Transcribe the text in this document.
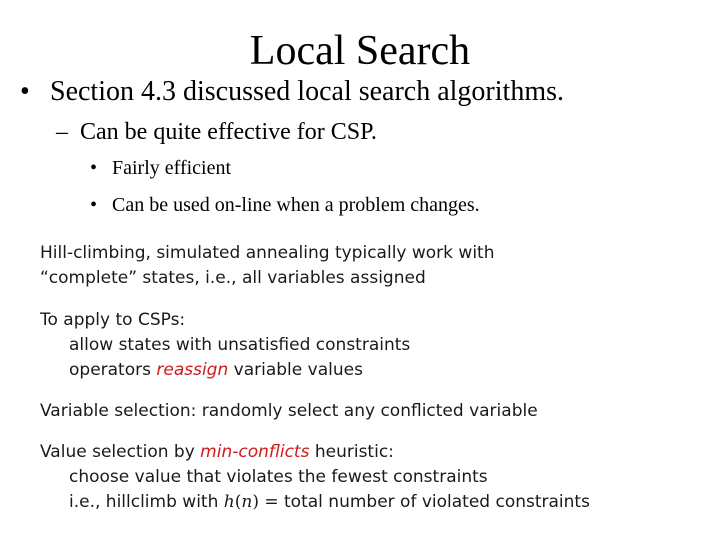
Local Search
• Section 4.3 discussed local search algorithms.
– Can be quite effective for CSP.
• Fairly efficient
• Can be used on-line when a problem changes.
Hill-climbing, simulated annealing typically work with
“complete” states, i.e., all variables assigned
To apply to CSPs:
allow states with unsatisfied constraints
operators reassign variable values
Variable selection: randomly select any conflicted variable
Value selection by min-conflicts heuristic:
choose value that violates the fewest constraints
i.e., hillclimb with h(n) = total number of violated constraints
